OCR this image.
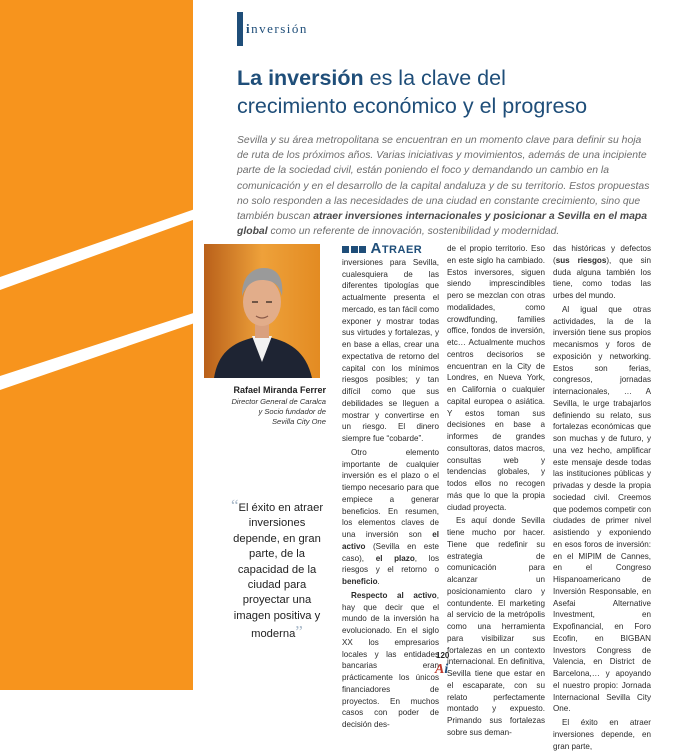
inversión
La inversión es la clave del
crecimiento económico y el progreso

Sevilla y su área metropolitana se encuentran en un momento clave para definir su hoja de ruta de los próximos años. Varias iniciativas y movimientos, además de una incipiente parte de la sociedad civil, están poniendo el foco y demandando un cambio en la comunicación y en el desarrollo de la capital andaluza y de su territorio. Estos propuestas no solo responden a las necesidades de una ciudad en constante crecimiento, sino que también buscan atraer inversiones internacionales y posicionar a Sevilla en el mapa global como un referente de innovación, sostenibilidad y modernidad.

Rafael Miranda Ferrer
Director General de Caralca
y Socio fundador de
Sevilla City One
“El éxito en atraer inversiones depende, en gran parte, de la capacidad de la ciudad para proyectar una imagen positiva y moderna”

Atraer inversiones para Sevilla, cualesquiera de las diferentes tipologías que actualmente presenta el mercado, es tan fácil como exponer y mostrar todas sus virtudes y fortalezas, y en base a ellas, crear una expectativa de retorno del capital con los mínimos riesgos posibles; y tan difícil como que sus debilidades se lleguen a mostrar y convertirse en un riesgo. El dinero siempre fue “cobarde”.

Otro elemento importante de cualquier inversión es el plazo o el tiempo necesario para que empiece a generar beneficios. En resumen, los elementos claves de una inversión son el activo (Sevilla en este caso), el plazo, los riesgos y el retorno o beneficio.

Respecto al activo, hay que decir que el mundo de la inversión ha evolucionado. En el siglo XX los empresarios locales y las entidades bancarias eran prácticamente los únicos financiadores de proyectos. En muchos casos con poder de decisión des-

de el propio territorio. Eso en este siglo ha cambiado. Estos inversores, siguen siendo imprescindibles pero se mezclan con otras modalidades, como crowdfunding, families office, fondos de inversión, etc… Actualmente muchos centros decisorios se encuentran en la City de Londres, en Nueva York, en California o cualquier capital europea o asiática. Y estos toman sus decisiones en base a informes de grandes consultoras, datos macros, consultas web y tendencias globales, y todos ellos no recogen más que lo que la propia ciudad proyecta.

Es aquí donde Sevilla tiene mucho por hacer. Tiene que redefinir su estrategia de comunicación para alcanzar un posicionamiento claro y contundente. El marketing al servicio de la metrópolis como una herramienta para visibilizar sus fortalezas en un contexto internacional. En definitiva, Sevilla tiene que estar en el escaparate, con su relato perfectamente montado y expuesto. Primando sus fortalezas sobre sus deman-

das históricas y defectos (sus riesgos), que sin duda alguna también los tiene, como todas las urbes del mundo.

Al igual que otras actividades, la de la inversión tiene sus propios mecanismos y foros de exposición y networking. Estos son ferias, congresos, jornadas internacionales, … A Sevilla, le urge trabajarlos definiendo su relato, sus fortalezas económicas que son muchas y de futuro, y una vez hecho, amplificar este mensaje desde todas las instituciones públicas y privadas y desde la propia sociedad civil. Creemos que podemos competir con ciudades de primer nivel asistiendo y exponiendo en esos foros de inversión: en el MIPIM de Cannes, en el Congreso Hispanoamericano de Inversión Responsable, en Asefai Alternative Investment, en Expofinancial, en Foro Ecofin, en BIGBAN Investors Congress de Valencia, en District de Barcelona,… y apoyando el nuestro propio: Jornada Internacional Sevilla City One.

El éxito en atraer inversiones depende, en gran parte,

120
Ai
